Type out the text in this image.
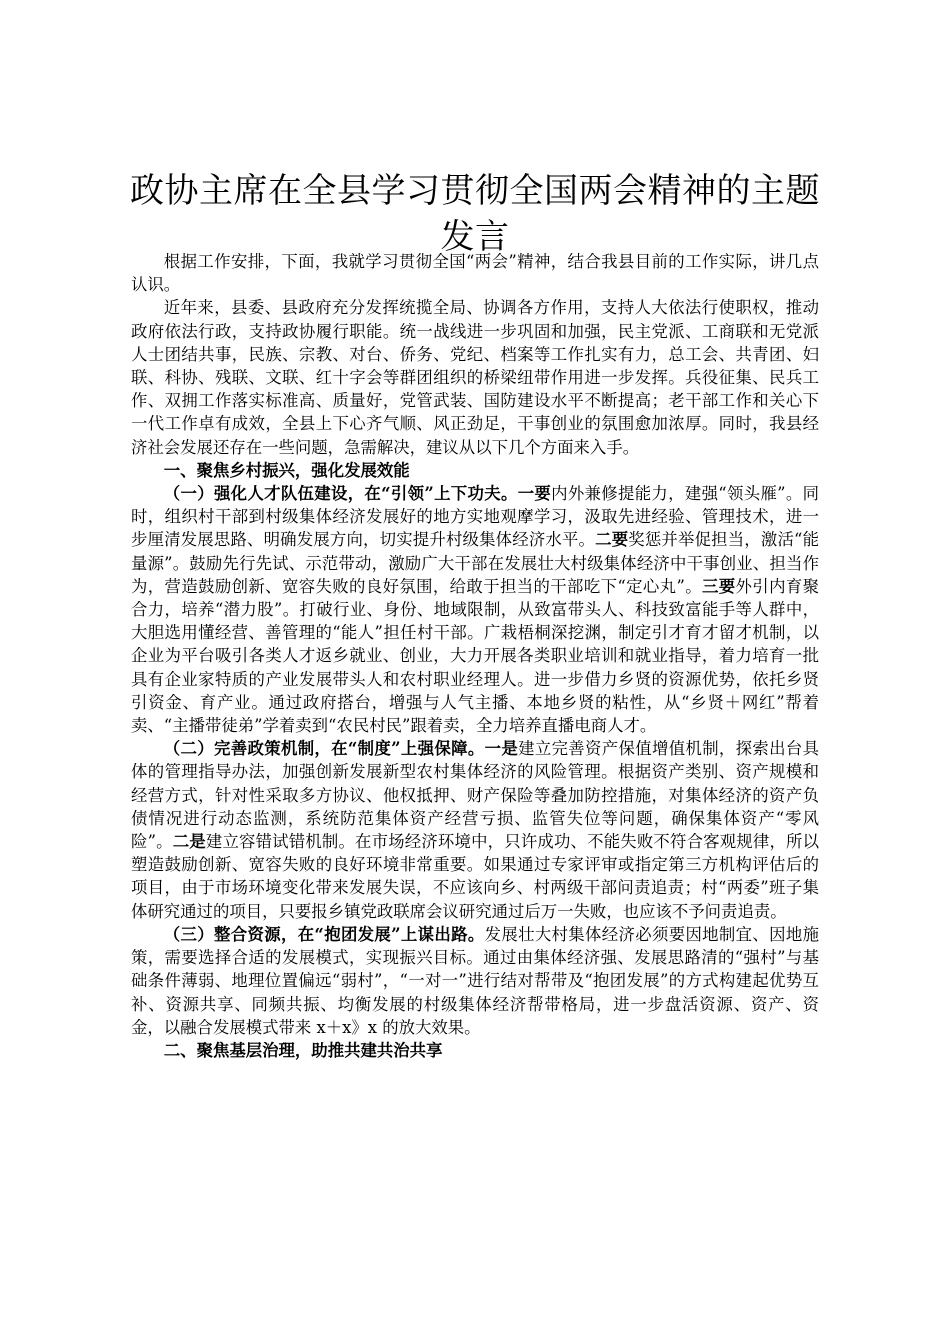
政协主席在全县学习贯彻全国两会精神的主题
发言

根据工作安排，下面，我就学习贯彻全国“两会”精神，结合我县目前的工作实际，讲几点认识。

近年来，县委、县政府充分发挥统揽全局、协调各方作用，支持人大依法行使职权，推动政府依法行政，支持政协履行职能。统一战线进一步巩固和加强，民主党派、工商联和无党派人士团结共事，民族、宗教、对台、侨务、党纪、档案等工作扎实有力，总工会、共青团、妇联、科协、残联、文联、红十字会等群团组织的桥梁纽带作用进一步发挥。兵役征集、民兵工作、双拥工作落实标准高、质量好，党管武装、国防建设水平不断提高；老干部工作和关心下一代工作卓有成效，全县上下心齐气顺、风正劲足，干事创业的氛围愈加浓厚。同时，我县经济社会发展还存在一些问题，急需解决，建议从以下几个方面来入手。

一、聚焦乡村振兴，强化发展效能

（一）强化人才队伍建设，在“引领”上下功夫。一要内外兼修提能力，建强“领头雁”。同时，组织村干部到村级集体经济发展好的地方实地观摩学习，汲取先进经验、管理技术，进一步厘清发展思路、明确发展方向，切实提升村级集体经济水平。二要奖惩并举促担当，激活“能量源”。鼓励先行先试、示范带动，激励广大干部在发展壮大村级集体经济中干事创业、担当作为，营造鼓励创新、宽容失败的良好氛围，给敢于担当的干部吃下“定心丸”。三要外引内育聚合力，培养“潜力股”。打破行业、身份、地域限制，从致富带头人、科技致富能手等人群中，大胆选用懂经营、善管理的“能人”担任村干部。广栽梧桐深挖渊，制定引才育才留才机制，以企业为平台吸引各类人才返乡就业、创业，大力开展各类职业培训和就业指导，着力培育一批具有企业家特质的产业发展带头人和农村职业经理人。进一步借力乡贤的资源优势，依托乡贤引资金、育产业。通过政府搭台，增强与人气主播、本地乡贤的粘性，从“乡贤＋网红”帮着卖、“主播带徒弟”学着卖到“农民村民”跟着卖，全力培养直播电商人才。

（二）完善政策机制，在“制度”上强保障。一是建立完善资产保值增值机制，探索出台具体的管理指导办法，加强创新发展新型农村集体经济的风险管理。根据资产类别、资产规模和经营方式，针对性采取多方协议、他权抵押、财产保险等叠加防控措施，对集体经济的资产负债情况进行动态监测，系统防范集体资产经营亏损、监管失位等问题，确保集体资产“零风险”。二是建立容错试错机制。在市场经济环境中，只许成功、不能失败不符合客观规律，所以塑造鼓励创新、宽容失败的良好环境非常重要。如果通过专家评审或指定第三方机构评估后的项目，由于市场环境变化带来发展失误，不应该向乡、村两级干部问责追责；村“两委”班子集体研究通过的项目，只要报乡镇党政联席会议研究通过后万一失败，也应该不予问责追责。

（三）整合资源，在“抱团发展”上谋出路。发展壮大村集体经济必须要因地制宜、因地施策，需要选择合适的发展模式，实现振兴目标。通过由集体经济强、发展思路清的“强村”与基础条件薄弱、地理位置偏远“弱村”，“一对一”进行结对帮带及“抱团发展”的方式构建起优势互补、资源共享、同频共振、均衡发展的村级集体经济帮带格局，进一步盘活资源、资产、资金，以融合发展模式带来 x＋x》x 的放大效果。

二、聚焦基层治理，助推共建共治共享
